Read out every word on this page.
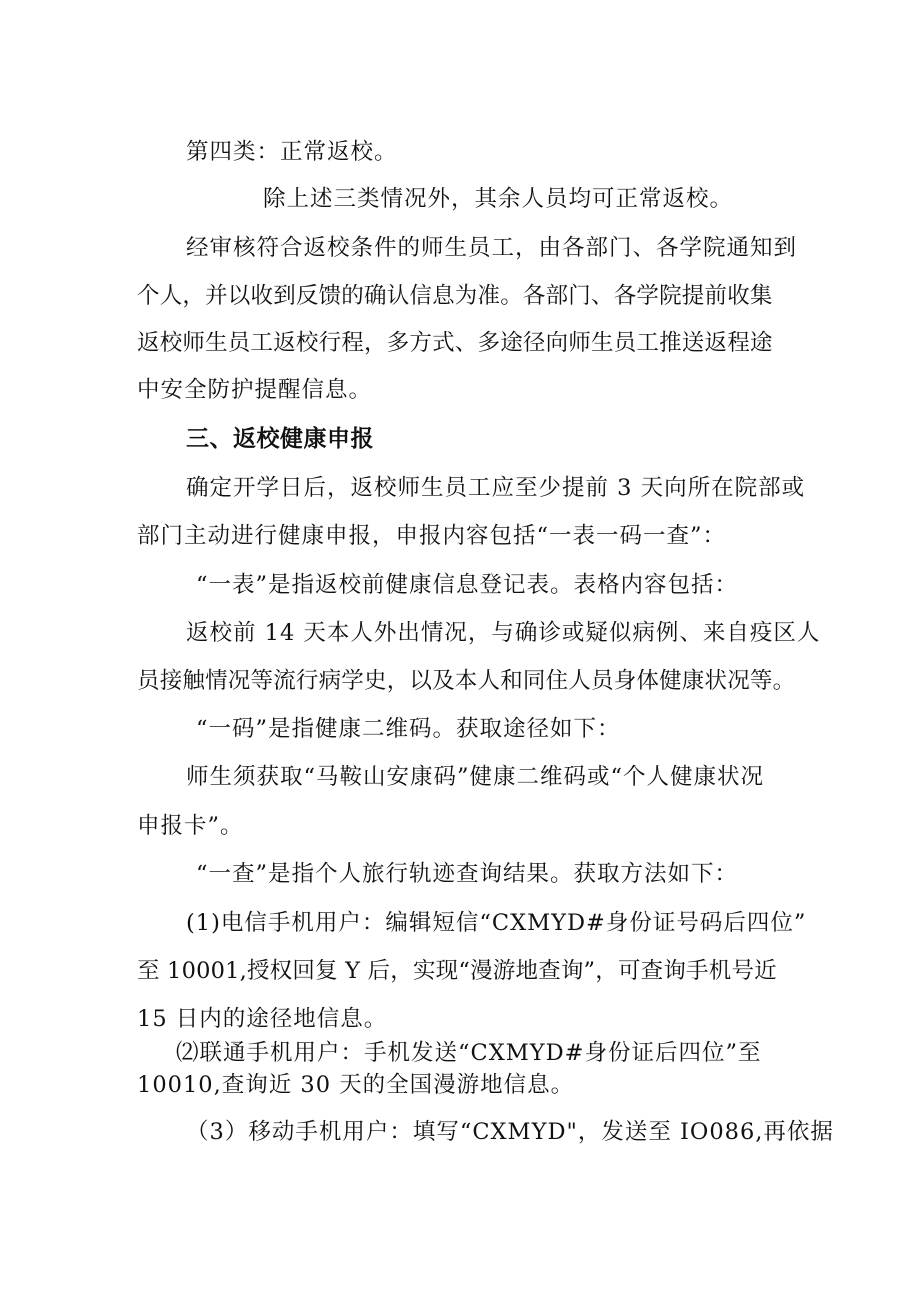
第四类：正常返校。
除上述三类情况外，其余人员均可正常返校。
经审核符合返校条件的师生员工，由各部门、各学院通知到
个人，并以收到反馈的确认信息为准。各部门、各学院提前收集
返校师生员工返校行程，多方式、多途径向师生员工推送返程途
中安全防护提醒信息。
三、返校健康申报
确定开学日后，返校师生员工应至少提前 3 天向所在院部或
部门主动进行健康申报，申报内容包括“一表一码一查”：
“一表”是指返校前健康信息登记表。表格内容包括：
返校前 14 天本人外出情况，与确诊或疑似病例、来自疫区人
员接触情况等流行病学史，以及本人和同住人员身体健康状况等。
“一码”是指健康二维码。获取途径如下：
师生须获取“马鞍山安康码”健康二维码或“个人健康状况
申报卡”。
“一查”是指个人旅行轨迹查询结果。获取方法如下：
(1)电信手机用户：编辑短信“CXMYD#身份证号码后四位”
至 10001,授权回复 Y 后，实现“漫游地查询”，可查询手机号近
15 日内的途径地信息。
⑵联通手机用户：手机发送“CXMYD#身份证后四位”至
10010,查询近 30 天的全国漫游地信息。
（3）移动手机用户：填写“CXMYD"，发送至 IO086,再依据
